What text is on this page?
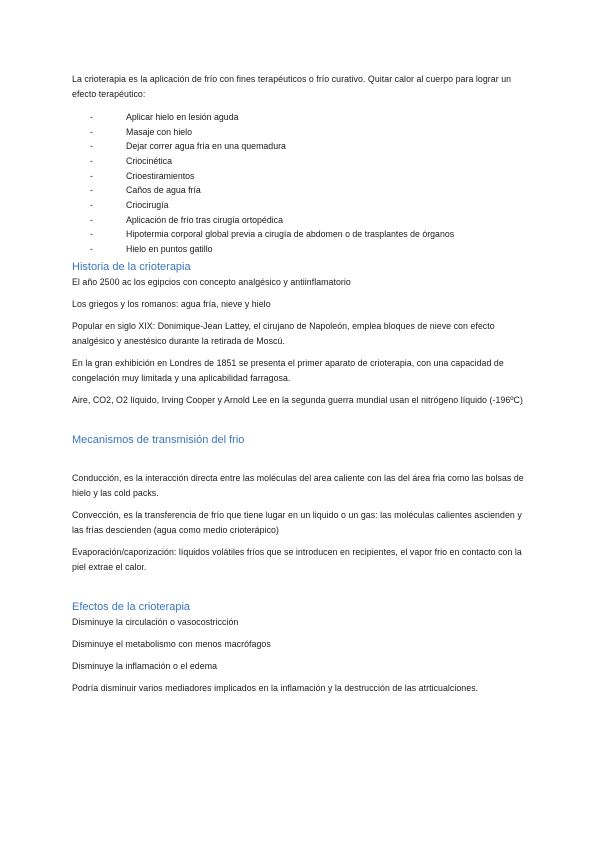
La crioterapia es la aplicación de frío con fines terapéuticos o frío curativo. Quitar calor al cuerpo para lograr un efecto terapéutico:

-	Aplicar hielo en lesión aguda
-	Masaje con hielo
-	Dejar correr agua fría en una quemadura
-	Criocinética
-	Crioestiramientos
-	Caños de agua fría
-	Criocirugía
-	Aplicación de frío tras cirugía ortopédica
-	Hipotermia corporal global previa a cirugía de abdomen o de trasplantes de órganos
-	Hielo en puntos gatillo
Historia de la crioterapia

El año 2500 ac los egipcios con concepto analgésico y antiinflamatorio

Los griegos y los romanos: agua fría, nieve y hielo

Popular en siglo XIX: Donimique-Jean Lattey, el cirujano de Napoleón, emplea bloques de nieve con efecto analgésico y anestésico durante la retirada de Moscú.

En la gran exhibición en Londres de 1851 se presenta el primer aparato de crioterapia, con una capacidad de congelación muy limitada y una aplicabilidad farragosa.

Aire, CO2, O2 líquido, Irving Cooper y Arnold Lee en la segunda guerra mundial usan el nitrógeno líquido (-196ºC)

Mecanismos de transmisión del frio

Conducción, es la interacción directa entre las moléculas del area caliente con las del área fria como las bolsas de hielo y las cold packs.

Convección, es la transferencia de frío que tiene lugar en un liquido o un gas: las moléculas calientes ascienden y las frías descienden (agua como medio crioterápico)

Evaporación/caporización: líquidos volátiles fríos que se introducen en recipientes, el vapor frio en contacto con la piel extrae el calor.

Efectos de la crioterapia

Disminuye la circulación o vasocostricción

Disminuye el metabolismo con menos macrófagos

Disminuye la inflamación o el edema

Podría disminuir varios mediadores implicados en la inflamación y la destrucción de las atrticualciones.
